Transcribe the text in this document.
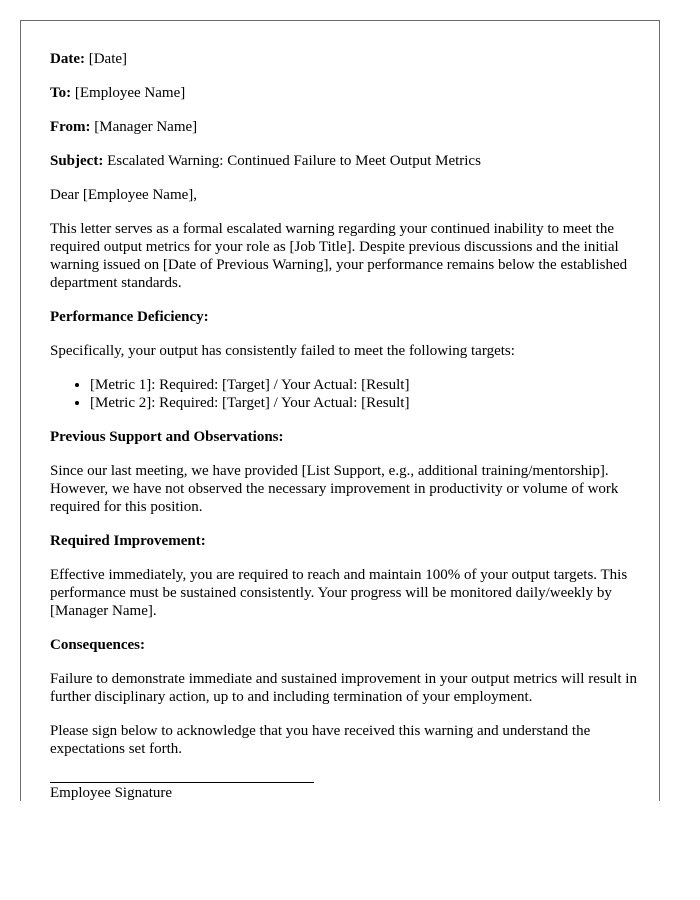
Date: [Date]

To: [Employee Name]

From: [Manager Name]

Subject: Escalated Warning: Continued Failure to Meet Output Metrics

Dear [Employee Name],

This letter serves as a formal escalated warning regarding your continued inability to meet the required output metrics for your role as [Job Title]. Despite previous discussions and the initial warning issued on [Date of Previous Warning], your performance remains below the established department standards.

Performance Deficiency:

Specifically, your output has consistently failed to meet the following targets:

• [Metric 1]: Required: [Target] / Your Actual: [Result]
• [Metric 2]: Required: [Target] / Your Actual: [Result]

Previous Support and Observations:

Since our last meeting, we have provided [List Support, e.g., additional training/mentorship]. However, we have not observed the necessary improvement in productivity or volume of work required for this position.

Required Improvement:

Effective immediately, you are required to reach and maintain 100% of your output targets. This performance must be sustained consistently. Your progress will be monitored daily/weekly by [Manager Name].

Consequences:

Failure to demonstrate immediate and sustained improvement in your output metrics will result in further disciplinary action, up to and including termination of your employment.

Please sign below to acknowledge that you have received this warning and understand the expectations set forth.

Employee Signature
